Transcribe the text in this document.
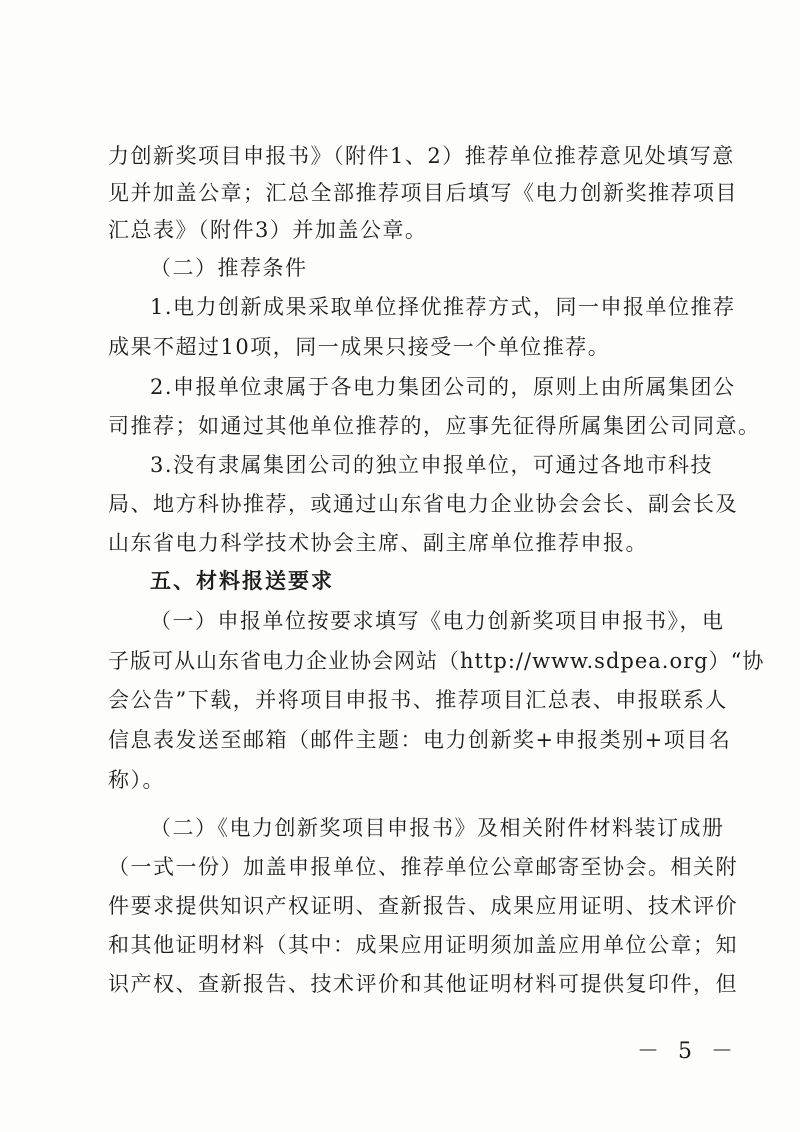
力创新奖项目申报书》（附件1、2）推荐单位推荐意见处填写意
见并加盖公章；汇总全部推荐项目后填写《电力创新奖推荐项目
汇总表》（附件3）并加盖公章。
（二）推荐条件
1.电力创新成果采取单位择优推荐方式，同一申报单位推荐
成果不超过10项，同一成果只接受一个单位推荐。
2.申报单位隶属于各电力集团公司的，原则上由所属集团公
司推荐；如通过其他单位推荐的，应事先征得所属集团公司同意。
3.没有隶属集团公司的独立申报单位，可通过各地市科技
局、地方科协推荐，或通过山东省电力企业协会会长、副会长及
山东省电力科学技术协会主席、副主席单位推荐申报。
五、材料报送要求
（一）申报单位按要求填写《电力创新奖项目申报书》，电
子版可从山东省电力企业协会网站（http://www.sdpea.org）“协
会公告”下载，并将项目申报书、推荐项目汇总表、申报联系人
信息表发送至邮箱（邮件主题：电力创新奖+申报类别+项目名
称）。
（二）《电力创新奖项目申报书》及相关附件材料装订成册
（一式一份）加盖申报单位、推荐单位公章邮寄至协会。相关附
件要求提供知识产权证明、查新报告、成果应用证明、技术评价
和其他证明材料（其中：成果应用证明须加盖应用单位公章；知
识产权、查新报告、技术评价和其他证明材料可提供复印件，但
－ 5 －
